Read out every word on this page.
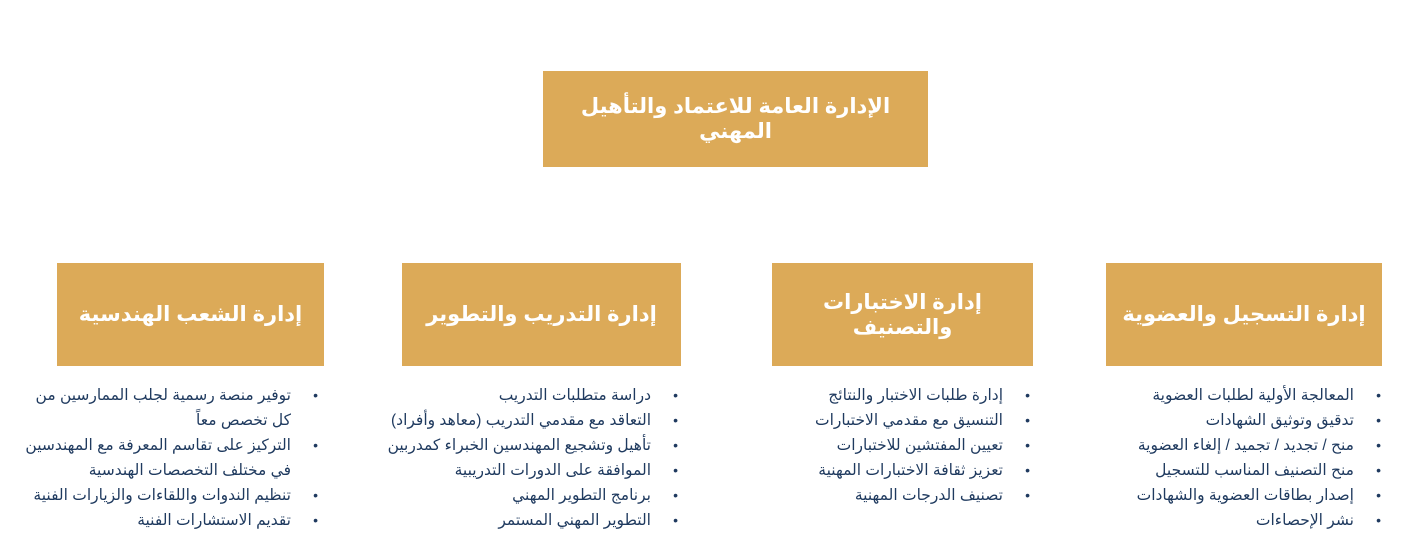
الإدارة العامة للاعتماد والتأهيل المهني
إدارة التسجيل والعضوية
إدارة الاختبارات والتصنيف
إدارة التدريب والتطوير
إدارة الشعب الهندسية
• المعالجة الأولية لطلبات العضوية
• تدقيق وتوثيق الشهادات
• منح / تجديد / تجميد / إلغاء العضوية
• منح التصنيف المناسب للتسجيل
• إصدار بطاقات العضوية والشهادات
• نشر الإحصاءات
• إدارة طلبات الاختبار والنتائج
• التنسيق مع مقدمي الاختبارات
• تعيين المفتشين للاختبارات
• تعزيز ثقافة الاختبارات المهنية
• تصنيف الدرجات المهنية
• دراسة متطلبات التدريب
• التعاقد مع مقدمي التدريب (معاهد وأفراد)
• تأهيل وتشجيع المهندسين الخبراء كمدربين
• الموافقة على الدورات التدريبية
• برنامج التطوير المهني
• التطوير المهني المستمر
• توفير منصة رسمية لجلب الممارسين من كل تخصص معاً
• التركيز على تقاسم المعرفة مع المهندسين في مختلف التخصصات الهندسية
• تنظيم الندوات واللقاءات والزيارات الفنية
• تقديم الاستشارات الفنية
